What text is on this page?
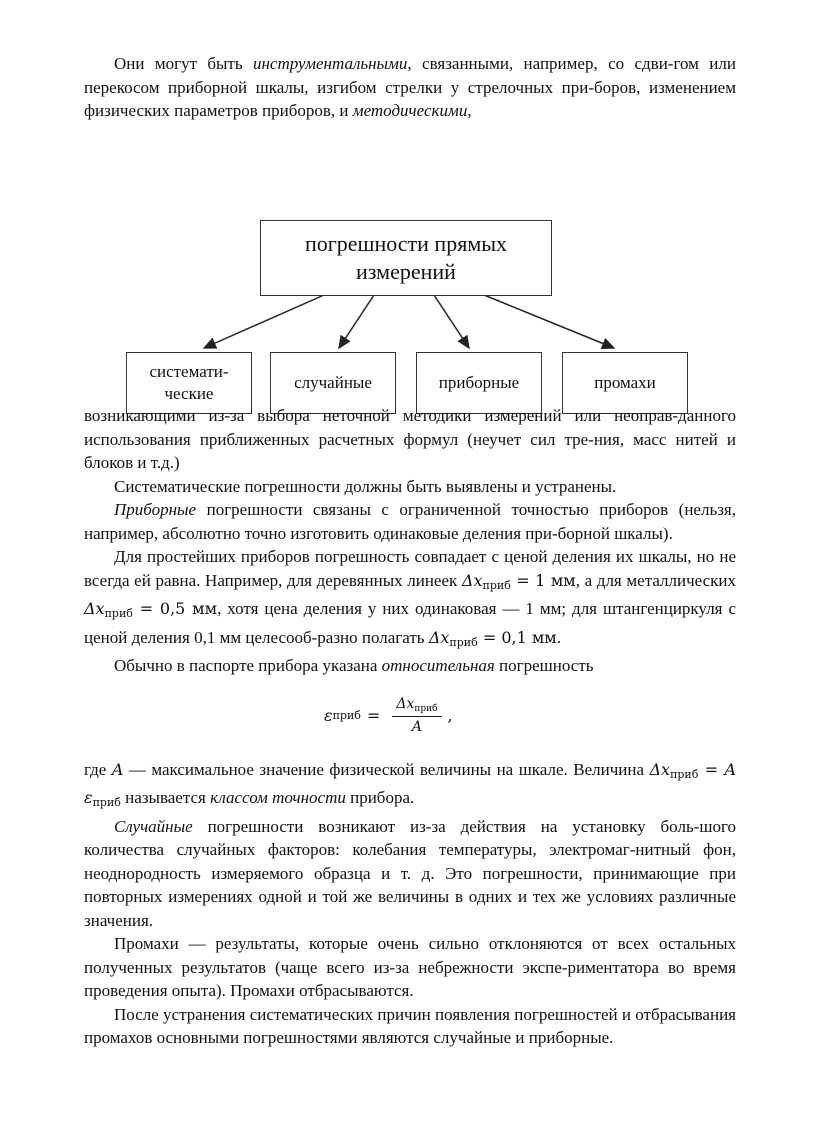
Они могут быть инструментальными, связанными, например, со сдви-гом или перекосом приборной шкалы, изгибом стрелки у стрелочных при-боров, изменением физических параметров приборов, и методическими,

погрешности прямых
измерений
системати-
ческие
случайные	приборные	промахи

возникающими из-за выбора неточной методики измерений или неоправ-данного использования приближенных расчетных формул (неучет сил тре-ния, масс нитей и блоков и т.д.)

Систематические погрешности должны быть выявлены и устранены.

Приборные погрешности связаны с ограниченной точностью приборов (нельзя, например, абсолютно точно изготовить одинаковые деления при-борной шкалы).

Для простейших приборов погрешность совпадает с ценой деления их шкалы, но не всегда ей равна. Например, для деревянных линеек $\Delta x_{приб} = 1$ мм, а для металлических $\Delta x_{приб} = 0,5$ мм, хотя цена деления у них одинаковая — 1 мм; для штангенциркуля с ценой деления 0,1 мм целесооб-разно полагать $\Delta x_{приб} = 0,1$ мм.

Обычно в паспорте прибора указана относительная погрешность

ε приб = $\frac{\Delta x_{приб}}{A}$ ,

где A — максимальное значение физической величины на шкале. Величина $\Delta x_{приб} = A$ $\varepsilon_{приб}$ называется классом точности прибора.

Случайные погрешности возникают из-за действия на установку боль-шого количества случайных факторов: колебания температуры, электромаг-нитный фон, неоднородность измеряемого образца и т. д. Это погрешности, принимающие при повторных измерениях одной и той же величины в одних и тех же условиях различные значения.

Промахи — результаты, которые очень сильно отклоняются от всех остальных полученных результатов (чаще всего из-за небрежности экспе-риментатора во время проведения опыта). Промахи отбрасываются.

После устранения систематических причин появления погрешностей и отбрасывания промахов основными погрешностями являются случайные и приборные.
